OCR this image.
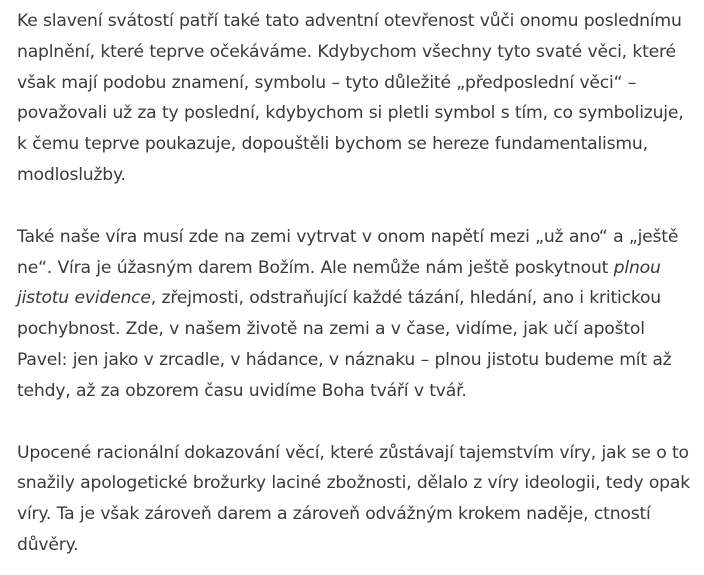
Ke slavení svátostí patří také tato adventní otevřenost vůči onomu poslednímu naplnění, které teprve očekáváme. Kdybychom všechny tyto svaté věci, které však mají podobu znamení, symbolu – tyto důležité „předposlední věci“ – považovali už za ty poslední, kdybychom si pletli symbol s tím, co symbolizuje, k čemu teprve poukazuje, dopouštěli bychom se hereze fundamentalismu, modloslužby.

Také naše víra musí zde na zemi vytrvat v onom napětí mezi „už ano“ a „ještě ne“. Víra je úžasným darem Božím. Ale nemůže nám ještě poskytnout plnou jistotu evidence, zřejmosti, odstraňující každé tázání, hledání, ano i kritickou pochybnost. Zde, v našem životě na zemi a v čase, vidíme, jak učí apoštol Pavel: jen jako v zrcadle, v hádance, v náznaku – plnou jistotu budeme mít až tehdy, až za obzorem času uvidíme Boha tváří v tvář.

Upocené racionální dokazování věcí, které zůstávají tajemstvím víry, jak se o to snažily apologetické brožurky laciné zbožnosti, dělalo z víry ideologii, tedy opak víry. Ta je však zároveň darem a zároveň odvážným krokem naděje, ctností důvěry.
